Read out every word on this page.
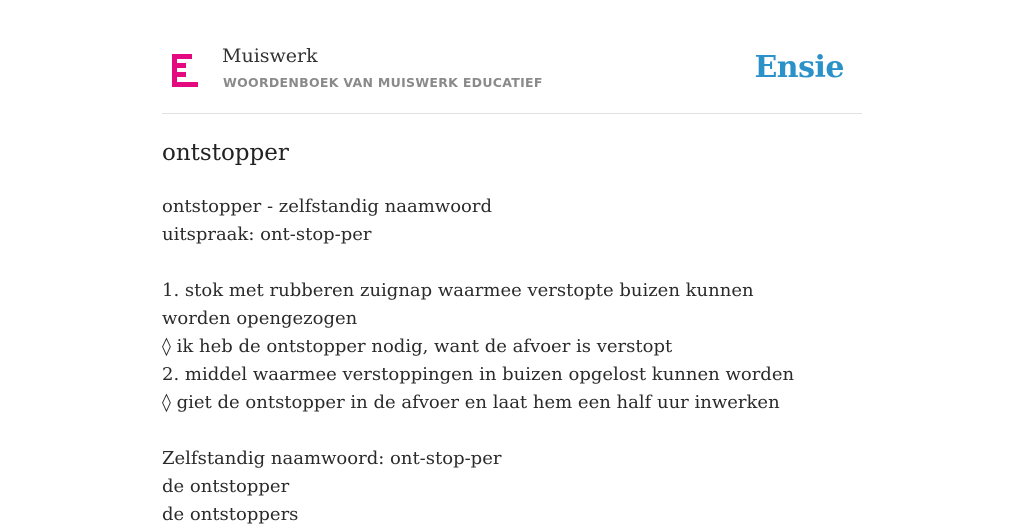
Muiswerk
WOORDENBOEK VAN MUISWERK EDUCATIEF	Ensie
ontstopper
ontstopper - zelfstandig naamwoord
uitspraak: ont-stop-per
1. stok met rubberen zuignap waarmee verstopte buizen kunnen worden opengezogen
◊ ik heb de ontstopper nodig, want de afvoer is verstopt
2. middel waarmee verstoppingen in buizen opgelost kunnen worden
◊ giet de ontstopper in de afvoer en laat hem een half uur inwerken
Zelfstandig naamwoord: ont-stop-per
de ontstopper
de ontstoppers
